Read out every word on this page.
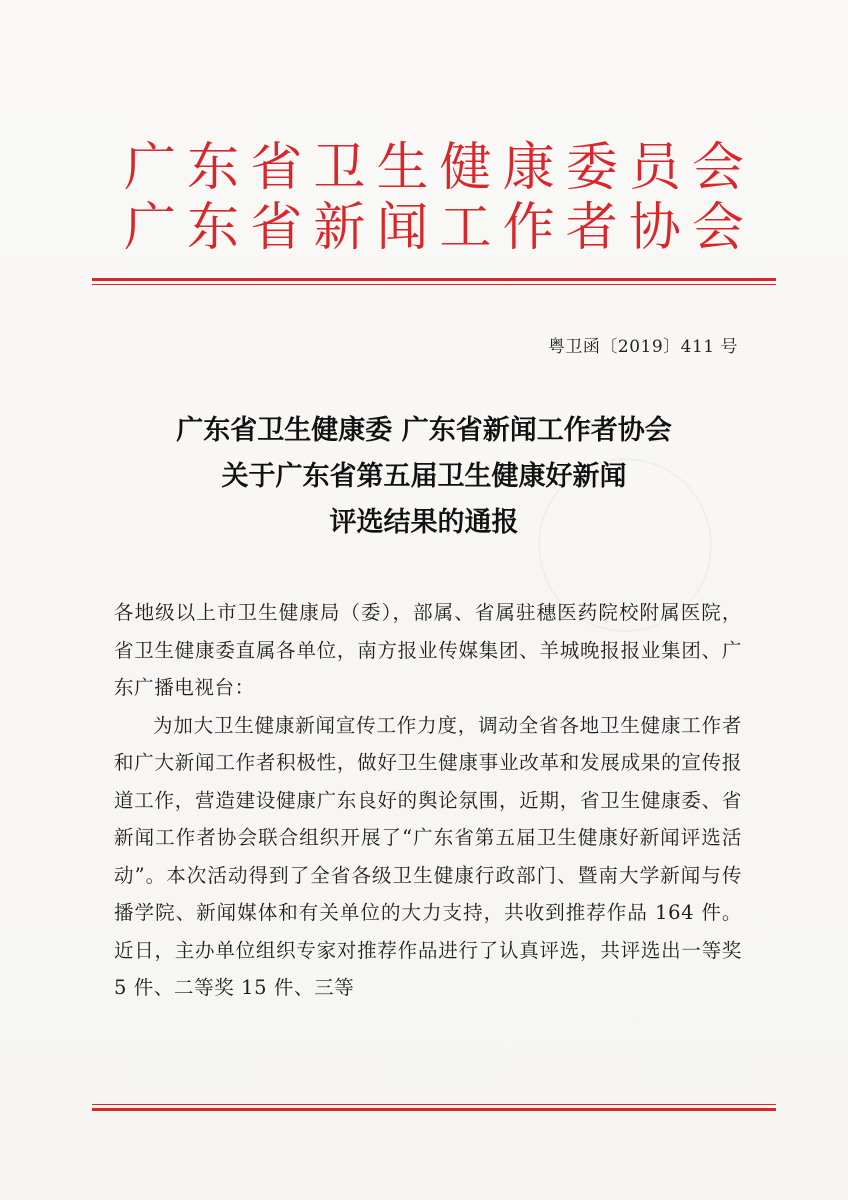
广 东 省 卫 生 健 康 委 员 会
广 东 省 新 闻 工 作 者 协 会
粤卫函〔2019〕411 号
广东省卫生健康委 广东省新闻工作者协会
关于广东省第五届卫生健康好新闻
评选结果的通报

各地级以上市卫生健康局（委），部属、省属驻穗医药院校附属医院，省卫生健康委直属各单位，南方报业传媒集团、羊城晚报报业集团、广东广播电视台：

为加大卫生健康新闻宣传工作力度，调动全省各地卫生健康工作者和广大新闻工作者积极性，做好卫生健康事业改革和发展成果的宣传报道工作，营造建设健康广东良好的舆论氛围，近期，省卫生健康委、省新闻工作者协会联合组织开展了“广东省第五届卫生健康好新闻评选活动”。本次活动得到了全省各级卫生健康行政部门、暨南大学新闻与传播学院、新闻媒体和有关单位的大力支持，共收到推荐作品 164 件。近日，主办单位组织专家对推荐作品进行了认真评选，共评选出一等奖 5 件、二等奖 15 件、三等
